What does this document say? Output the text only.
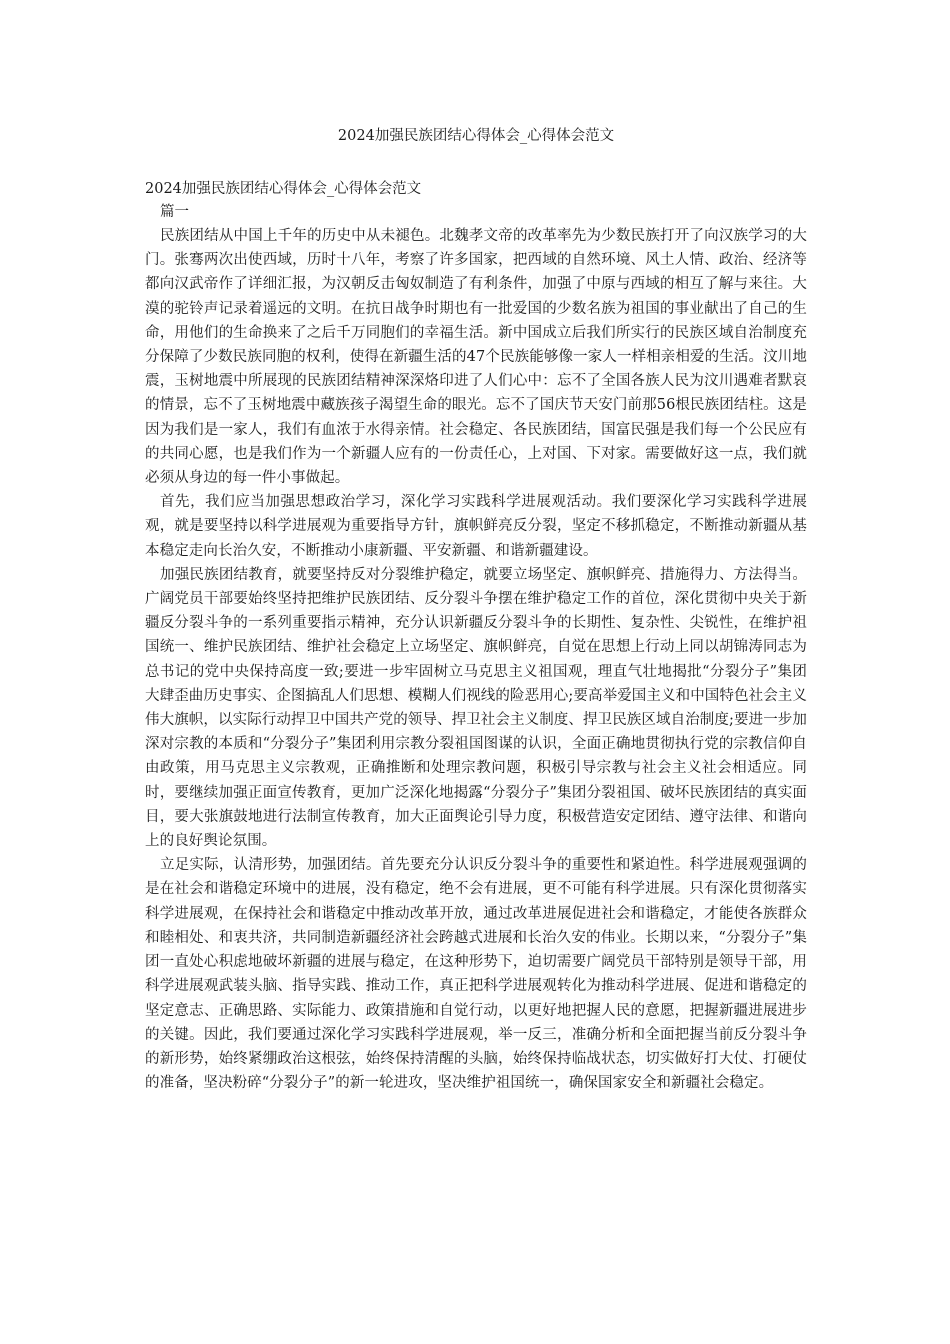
2024加强民族团结心得体会_心得体会范文

2024加强民族团结心得体会_心得体会范文

篇一

民族团结从中国上千年的历史中从未褪色。北魏孝文帝的改革率先为少数民族打开了向汉族学习的大门。张骞两次出使西域，历时十八年，考察了许多国家，把西域的自然环境、风土人情、政治、经济等都向汉武帝作了详细汇报，为汉朝反击匈奴制造了有利条件，加强了中原与西域的相互了解与来往。大漠的驼铃声记录着遥远的文明。在抗日战争时期也有一批爱国的少数名族为祖国的事业献出了自己的生命，用他们的生命换来了之后千万同胞们的幸福生活。新中国成立后我们所实行的民族区域自治制度充分保障了少数民族同胞的权利，使得在新疆生活的47个民族能够像一家人一样相亲相爱的生活。汶川地震，玉树地震中所展现的民族团结精神深深烙印进了人们心中：忘不了全国各族人民为汶川遇难者默哀的情景，忘不了玉树地震中藏族孩子渴望生命的眼光。忘不了国庆节天安门前那56根民族团结柱。这是因为我们是一家人，我们有血浓于水得亲情。社会稳定、各民族团结，国富民强是我们每一个公民应有的共同心愿，也是我们作为一个新疆人应有的一份责任心，上对国、下对家。需要做好这一点，我们就必须从身边的每一件小事做起。

首先，我们应当加强思想政治学习，深化学习实践科学进展观活动。我们要深化学习实践科学进展观，就是要坚持以科学进展观为重要指导方针，旗帜鲜亮反分裂，坚定不移抓稳定，不断推动新疆从基本稳定走向长治久安，不断推动小康新疆、平安新疆、和谐新疆建设。

加强民族团结教育，就要坚持反对分裂维护稳定，就要立场坚定、旗帜鲜亮、措施得力、方法得当。广阔党员干部要始终坚持把维护民族团结、反分裂斗争摆在维护稳定工作的首位，深化贯彻中央关于新疆反分裂斗争的一系列重要指示精神，充分认识新疆反分裂斗争的长期性、复杂性、尖锐性，在维护祖国统一、维护民族团结、维护社会稳定上立场坚定、旗帜鲜亮，自觉在思想上行动上同以胡锦涛同志为总书记的党中央保持高度一致;要进一步牢固树立马克思主义祖国观，理直气壮地揭批“分裂分子”集团大肆歪曲历史事实、企图搞乱人们思想、模糊人们视线的险恶用心;要高举爱国主义和中国特色社会主义伟大旗帜，以实际行动捍卫中国共产党的领导、捍卫社会主义制度、捍卫民族区域自治制度;要进一步加深对宗教的本质和“分裂分子”集团利用宗教分裂祖国图谋的认识，全面正确地贯彻执行党的宗教信仰自由政策，用马克思主义宗教观，正确推断和处理宗教问题，积极引导宗教与社会主义社会相适应。同时，要继续加强正面宣传教育，更加广泛深化地揭露“分裂分子”集团分裂祖国、破坏民族团结的真实面目，要大张旗鼓地进行法制宣传教育，加大正面舆论引导力度，积极营造安定团结、遵守法律、和谐向上的良好舆论氛围。

立足实际，认清形势，加强团结。首先要充分认识反分裂斗争的重要性和紧迫性。科学进展观强调的是在社会和谐稳定环境中的进展，没有稳定，绝不会有进展，更不可能有科学进展。只有深化贯彻落实科学进展观，在保持社会和谐稳定中推动改革开放，通过改革进展促进社会和谐稳定，才能使各族群众和睦相处、和衷共济，共同制造新疆经济社会跨越式进展和长治久安的伟业。长期以来，“分裂分子”集团一直处心积虑地破坏新疆的进展与稳定，在这种形势下，迫切需要广阔党员干部特别是领导干部，用科学进展观武装头脑、指导实践、推动工作，真正把科学进展观转化为推动科学进展、促进和谐稳定的坚定意志、正确思路、实际能力、政策措施和自觉行动，以更好地把握人民的意愿，把握新疆进展进步的关键。因此，我们要通过深化学习实践科学进展观，举一反三，准确分析和全面把握当前反分裂斗争的新形势，始终紧绷政治这根弦，始终保持清醒的头脑，始终保持临战状态，切实做好打大仗、打硬仗的准备，坚决粉碎“分裂分子”的新一轮进攻，坚决维护祖国统一，确保国家安全和新疆社会稳定。
